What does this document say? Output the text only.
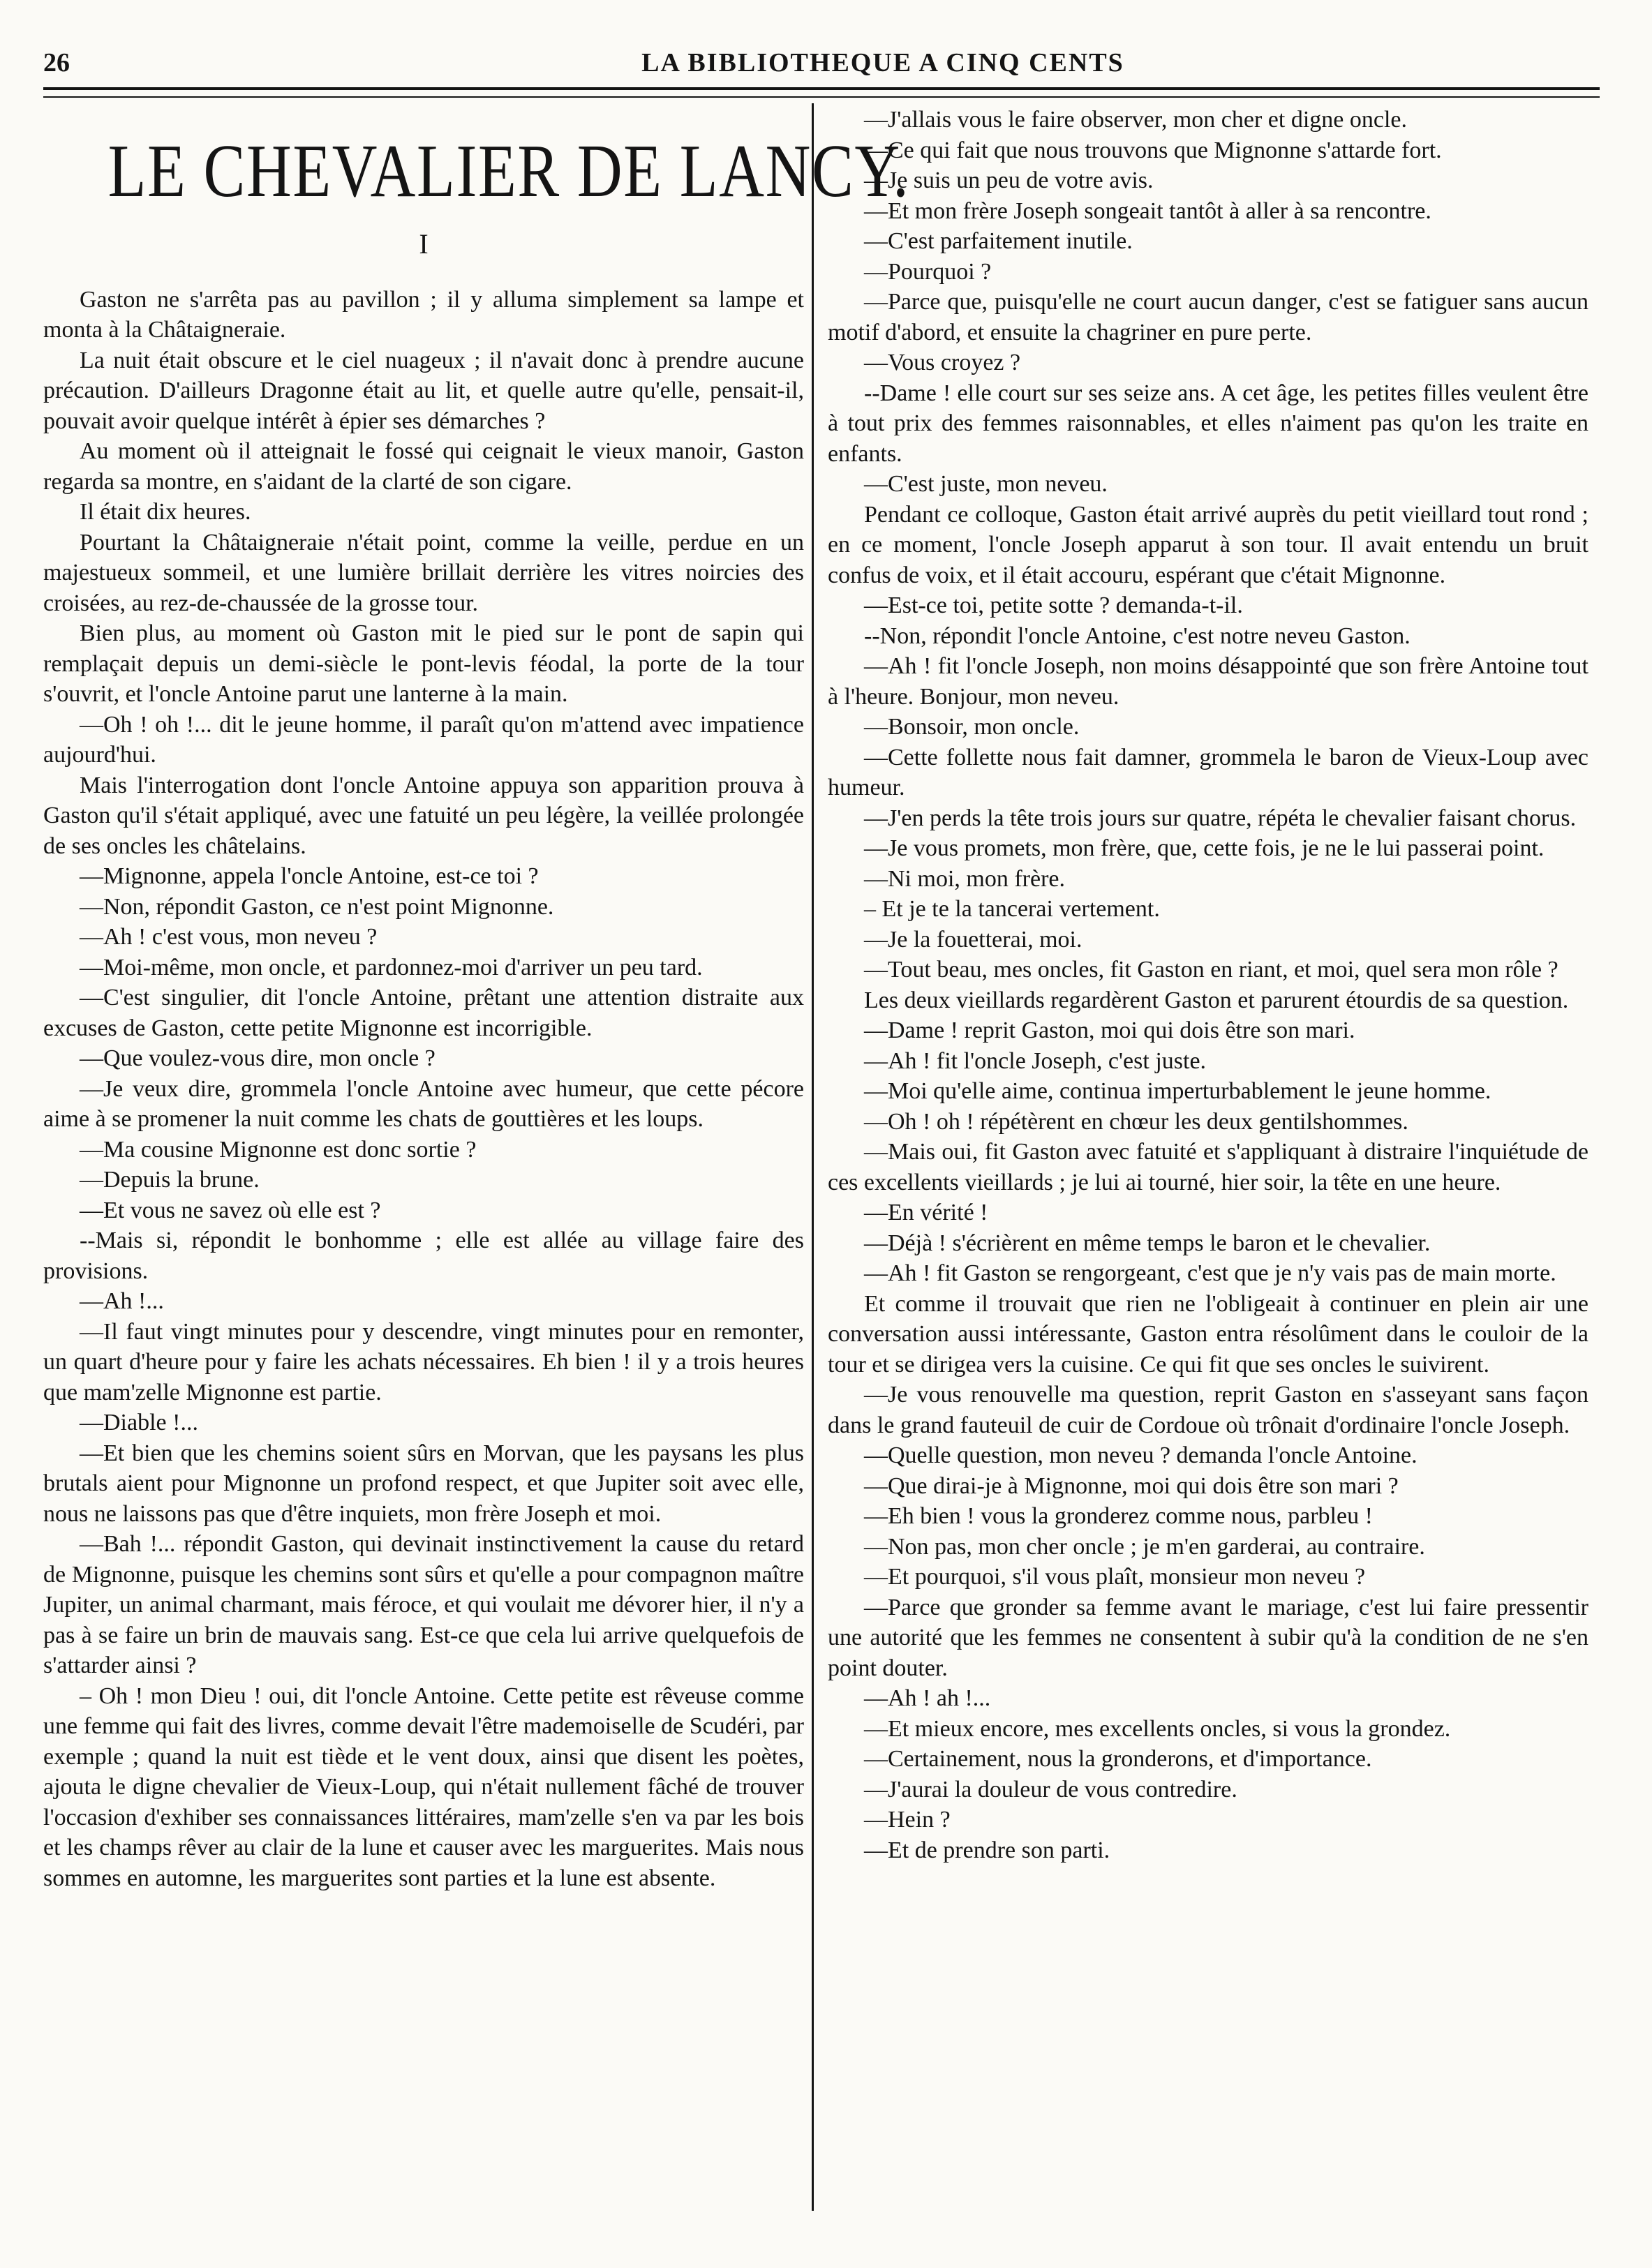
26	LA BIBLIOTHEQUE A CINQ CENTS
LE CHEVALIER DE LANCY.
I

Gaston ne s'arrêta pas au pavillon ; il y alluma simplement sa lampe et monta à la Châtaigneraie.

La nuit était obscure et le ciel nuageux ; il n'avait donc à prendre aucune précaution. D'ailleurs Dragonne était au lit, et quelle autre qu'elle, pensait-il, pouvait avoir quelque intérêt à épier ses démarches ?

Au moment où il atteignait le fossé qui ceignait le vieux manoir, Gaston regarda sa montre, en s'aidant de la clarté de son cigare.

Il était dix heures.

Pourtant la Châtaigneraie n'était point, comme la veille, perdue en un majestueux sommeil, et une lumière brillait derrière les vitres noircies des croisées, au rez-de-chaussée de la grosse tour.

Bien plus, au moment où Gaston mit le pied sur le pont de sapin qui remplaçait depuis un demi-siècle le pont-levis féodal, la porte de la tour s'ouvrit, et l'oncle Antoine parut une lanterne à la main.

—Oh ! oh !... dit le jeune homme, il paraît qu'on m'attend avec impatience aujourd'hui.

Mais l'interrogation dont l'oncle Antoine appuya son apparition prouva à Gaston qu'il s'était appliqué, avec une fatuité un peu légère, la veillée prolongée de ses oncles les châtelains.

—Mignonne, appela l'oncle Antoine, est-ce toi ?

—Non, répondit Gaston, ce n'est point Mignonne.

—Ah ! c'est vous, mon neveu ?

—Moi-même, mon oncle, et pardonnez-moi d'arriver un peu tard.

—C'est singulier, dit l'oncle Antoine, prêtant une attention distraite aux excuses de Gaston, cette petite Mignonne est incorrigible.

—Que voulez-vous dire, mon oncle ?

—Je veux dire, grommela l'oncle Antoine avec humeur, que cette pécore aime à se promener la nuit comme les chats de gouttières et les loups.

—Ma cousine Mignonne est donc sortie ?

—Depuis la brune.

—Et vous ne savez où elle est ?

--Mais si, répondit le bonhomme ; elle est allée au village faire des provisions.

—Ah !...

—Il faut vingt minutes pour y descendre, vingt minutes pour en remonter, un quart d'heure pour y faire les achats nécessaires. Eh bien ! il y a trois heures que mam'zelle Mignonne est partie.

—Diable !...

—Et bien que les chemins soient sûrs en Morvan, que les paysans les plus brutals aient pour Mignonne un profond respect, et que Jupiter soit avec elle, nous ne laissons pas que d'être inquiets, mon frère Joseph et moi.

—Bah !... répondit Gaston, qui devinait instinctivement la cause du retard de Mignonne, puisque les chemins sont sûrs et qu'elle a pour compagnon maître Jupiter, un animal charmant, mais féroce, et qui voulait me dévorer hier, il n'y a pas à se faire un brin de mauvais sang. Est-ce que cela lui arrive quelquefois de s'attarder ainsi ?

– Oh ! mon Dieu ! oui, dit l'oncle Antoine. Cette petite est rêveuse comme une femme qui fait des livres, comme devait l'être mademoiselle de Scudéri, par exemple ; quand la nuit est tiède et le vent doux, ainsi que disent les poètes, ajouta le digne chevalier de Vieux-Loup, qui n'était nullement fâché de trouver l'occasion d'exhiber ses connaissances littéraires, mam'zelle s'en va par les bois et les champs rêver au clair de la lune et causer avec les marguerites. Mais nous sommes en automne, les marguerites sont parties et la lune est absente.

—J'allais vous le faire observer, mon cher et digne oncle.

—Ce qui fait que nous trouvons que Mignonne s'attarde fort.

—Je suis un peu de votre avis.

—Et mon frère Joseph songeait tantôt à aller à sa rencontre.

—C'est parfaitement inutile.

—Pourquoi ?

—Parce que, puisqu'elle ne court aucun danger, c'est se fatiguer sans aucun motif d'abord, et ensuite la chagriner en pure perte.

—Vous croyez ?

--Dame ! elle court sur ses seize ans. A cet âge, les petites filles veulent être à tout prix des femmes raisonnables, et elles n'aiment pas qu'on les traite en enfants.

—C'est juste, mon neveu.

Pendant ce colloque, Gaston était arrivé auprès du petit vieillard tout rond ; en ce moment, l'oncle Joseph apparut à son tour. Il avait entendu un bruit confus de voix, et il était accouru, espérant que c'était Mignonne.

—Est-ce toi, petite sotte ? demanda-t-il.

--Non, répondit l'oncle Antoine, c'est notre neveu Gaston.

—Ah ! fit l'oncle Joseph, non moins désappointé que son frère Antoine tout à l'heure. Bonjour, mon neveu.

—Bonsoir, mon oncle.

—Cette follette nous fait damner, grommela le baron de Vieux-Loup avec humeur.

—J'en perds la tête trois jours sur quatre, répéta le chevalier faisant chorus.

—Je vous promets, mon frère, que, cette fois, je ne le lui passerai point.

—Ni moi, mon frère.

– Et je te la tancerai vertement.

—Je la fouetterai, moi.

—Tout beau, mes oncles, fit Gaston en riant, et moi, quel sera mon rôle ?

Les deux vieillards regardèrent Gaston et parurent étourdis de sa question.

—Dame ! reprit Gaston, moi qui dois être son mari.

—Ah ! fit l'oncle Joseph, c'est juste.

—Moi qu'elle aime, continua imperturbablement le jeune homme.

—Oh ! oh ! répétèrent en chœur les deux gentilshommes.

—Mais oui, fit Gaston avec fatuité et s'appliquant à distraire l'inquiétude de ces excellents vieillards ; je lui ai tourné, hier soir, la tête en une heure.

—En vérité !

—Déjà ! s'écrièrent en même temps le baron et le chevalier.

—Ah ! fit Gaston se rengorgeant, c'est que je n'y vais pas de main morte.

Et comme il trouvait que rien ne l'obligeait à continuer en plein air une conversation aussi intéressante, Gaston entra résolûment dans le couloir de la tour et se dirigea vers la cuisine. Ce qui fit que ses oncles le suivirent.

—Je vous renouvelle ma question, reprit Gaston en s'asseyant sans façon dans le grand fauteuil de cuir de Cordoue où trônait d'ordinaire l'oncle Joseph.

—Quelle question, mon neveu ? demanda l'oncle Antoine.

—Que dirai-je à Mignonne, moi qui dois être son mari ?

—Eh bien ! vous la gronderez comme nous, parbleu !

—Non pas, mon cher oncle ; je m'en garderai, au contraire.

—Et pourquoi, s'il vous plaît, monsieur mon neveu ?

—Parce que gronder sa femme avant le mariage, c'est lui faire pressentir une autorité que les femmes ne consentent à subir qu'à la condition de ne s'en point douter.

—Ah ! ah !...

—Et mieux encore, mes excellents oncles, si vous la grondez.

—Certainement, nous la gronderons, et d'importance.

—J'aurai la douleur de vous contredire.

—Hein ?

—Et de prendre son parti.
